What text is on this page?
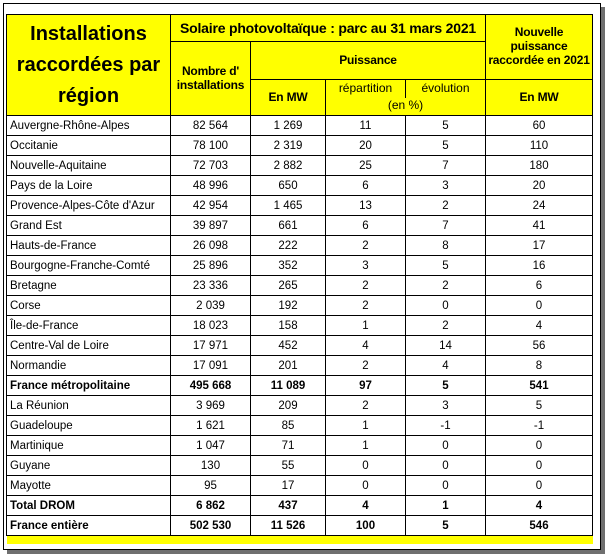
Installations raccordées par région	Solaire photovoltaïque : parc au 31 mars 2021				Nouvelle puissance raccordée en 2021
	Nombre d' installations	Puissance			
		En MW	répartition	évolution	En MW
			(en %)		
Auvergne-Rhône-Alpes	82 564	1 269	11	5	60
Occitanie	78 100	2 319	20	5	110
Nouvelle-Aquitaine	72 703	2 882	25	7	180
Pays de la Loire	48 996	650	6	3	20
Provence-Alpes-Côte d'Azur	42 954	1 465	13	2	24
Grand Est	39 897	661	6	7	41
Hauts-de-France	26 098	222	2	8	17
Bourgogne-Franche-Comté	25 896	352	3	5	16
Bretagne	23 336	265	2	2	6
Corse	2 039	192	2	0	0
Île-de-France	18 023	158	1	2	4
Centre-Val de Loire	17 971	452	4	14	56
Normandie	17 091	201	2	4	8
France métropolitaine	495 668	11 089	97	5	541
La Réunion	3 969	209	2	3	5
Guadeloupe	1 621	85	1	-1	-1
Martinique	1 047	71	1	0	0
Guyane	130	55	0	0	0
Mayotte	95	17	0	0	0
Total DROM	6 862	437	4	1	4
France entière	502 530	11 526	100	5	546
